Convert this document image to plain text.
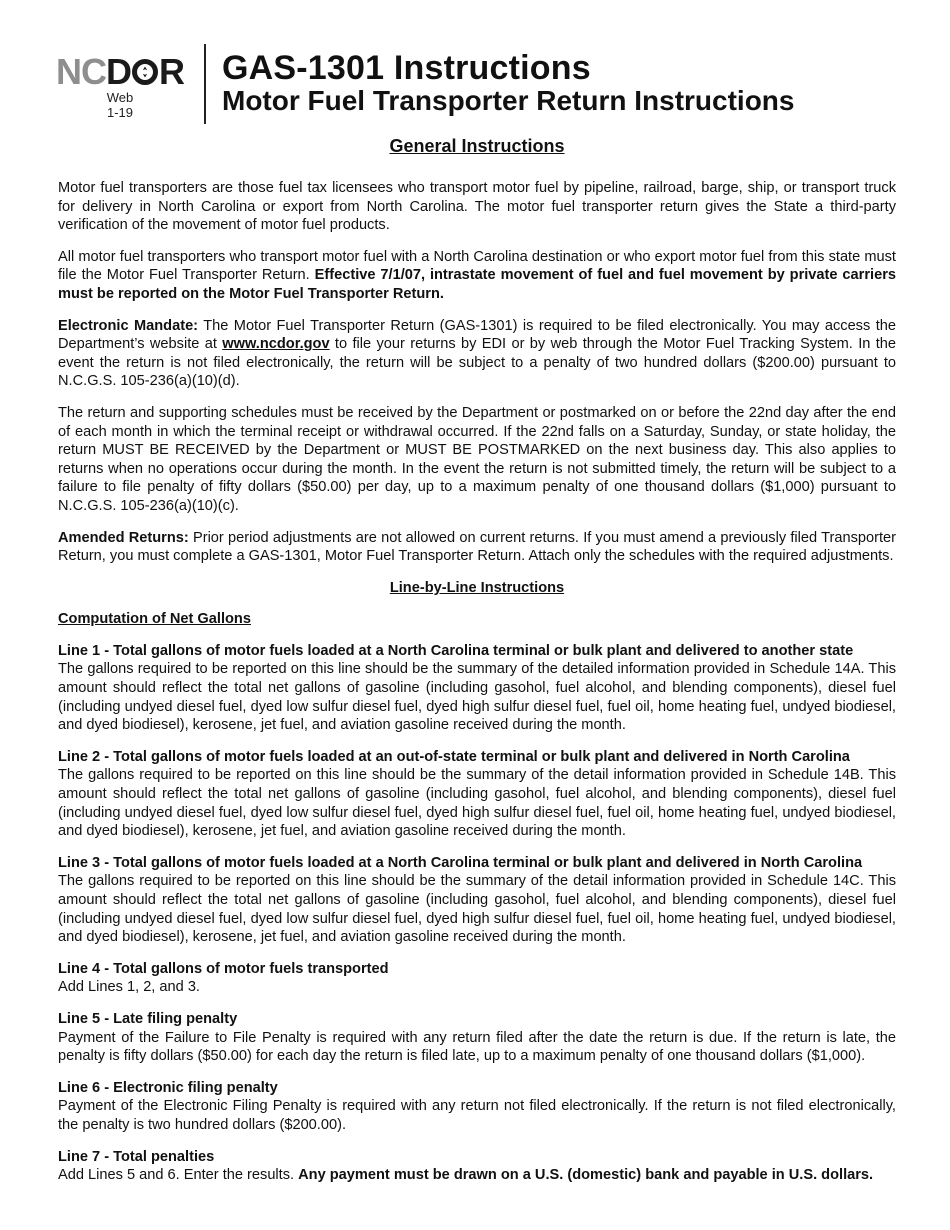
NC D R
Web
1-19
GAS-1301 Instructions
Motor Fuel Transporter Return Instructions
General Instructions

Motor fuel transporters are those fuel tax licensees who transport motor fuel by pipeline, railroad, barge, ship, or transport truck for delivery in North Carolina or export from North Carolina. The motor fuel transporter return gives the State a third-party verification of the movement of motor fuel products.

All motor fuel transporters who transport motor fuel with a North Carolina destination or who export motor fuel from this state must file the Motor Fuel Transporter Return. Effective 7/1/07, intrastate movement of fuel and fuel movement by private carriers must be reported on the Motor Fuel Transporter Return.

Electronic Mandate: The Motor Fuel Transporter Return (GAS-1301) is required to be filed electronically. You may access the Department’s website at www.ncdor.gov to file your returns by EDI or by web through the Motor Fuel Tracking System. In the event the return is not filed electronically, the return will be subject to a penalty of two hundred dollars ($200.00) pursuant to N.C.G.S. 105-236(a)(10)(d).

The return and supporting schedules must be received by the Department or postmarked on or before the 22nd day after the end of each month in which the terminal receipt or withdrawal occurred. If the 22nd falls on a Saturday, Sunday, or state holiday, the return MUST BE RECEIVED by the Department or MUST BE POSTMARKED on the next business day. This also applies to returns when no operations occur during the month. In the event the return is not submitted timely, the return will be subject to a failure to file penalty of fifty dollars ($50.00) per day, up to a maximum penalty of one thousand dollars ($1,000) pursuant to N.C.G.S. 105-236(a)(10)(c).

Amended Returns: Prior period adjustments are not allowed on current returns. If you must amend a previously filed Transporter Return, you must complete a GAS-1301, Motor Fuel Transporter Return. Attach only the schedules with the required adjustments.

Line-by-Line Instructions
Computation of Net Gallons

Line 1 - Total gallons of motor fuels loaded at a North Carolina terminal or bulk plant and delivered to another state
The gallons required to be reported on this line should be the summary of the detailed information provided in Schedule 14A. This amount should reflect the total net gallons of gasoline (including gasohol, fuel alcohol, and blending components), diesel fuel (including undyed diesel fuel, dyed low sulfur diesel fuel, dyed high sulfur diesel fuel, fuel oil, home heating fuel, undyed biodiesel, and dyed biodiesel), kerosene, jet fuel, and aviation gasoline received during the month.

Line 2 - Total gallons of motor fuels loaded at an out-of-state terminal or bulk plant and delivered in North Carolina
The gallons required to be reported on this line should be the summary of the detail information provided in Schedule 14B. This amount should reflect the total net gallons of gasoline (including gasohol, fuel alcohol, and blending components), diesel fuel (including undyed diesel fuel, dyed low sulfur diesel fuel, dyed high sulfur diesel fuel, fuel oil, home heating fuel, undyed biodiesel, and dyed biodiesel), kerosene, jet fuel, and aviation gasoline received during the month.

Line 3 - Total gallons of motor fuels loaded at a North Carolina terminal or bulk plant and delivered in North Carolina
The gallons required to be reported on this line should be the summary of the detail information provided in Schedule 14C. This amount should reflect the total net gallons of gasoline (including gasohol, fuel alcohol, and blending components), diesel fuel (including undyed diesel fuel, dyed low sulfur diesel fuel, dyed high sulfur diesel fuel, fuel oil, home heating fuel, undyed biodiesel, and dyed biodiesel), kerosene, jet fuel, and aviation gasoline received during the month.

Line 4 - Total gallons of motor fuels transported
Add Lines 1, 2, and 3.

Line 5 - Late filing penalty
Payment of the Failure to File Penalty is required with any return filed after the date the return is due. If the return is late, the penalty is fifty dollars ($50.00) for each day the return is filed late, up to a maximum penalty of one thousand dollars ($1,000).

Line 6 - Electronic filing penalty
Payment of the Electronic Filing Penalty is required with any return not filed electronically. If the return is not filed electronically, the penalty is two hundred dollars ($200.00).

Line 7 - Total penalties
Add Lines 5 and 6. Enter the results. Any payment must be drawn on a U.S. (domestic) bank and payable in U.S. dollars.
